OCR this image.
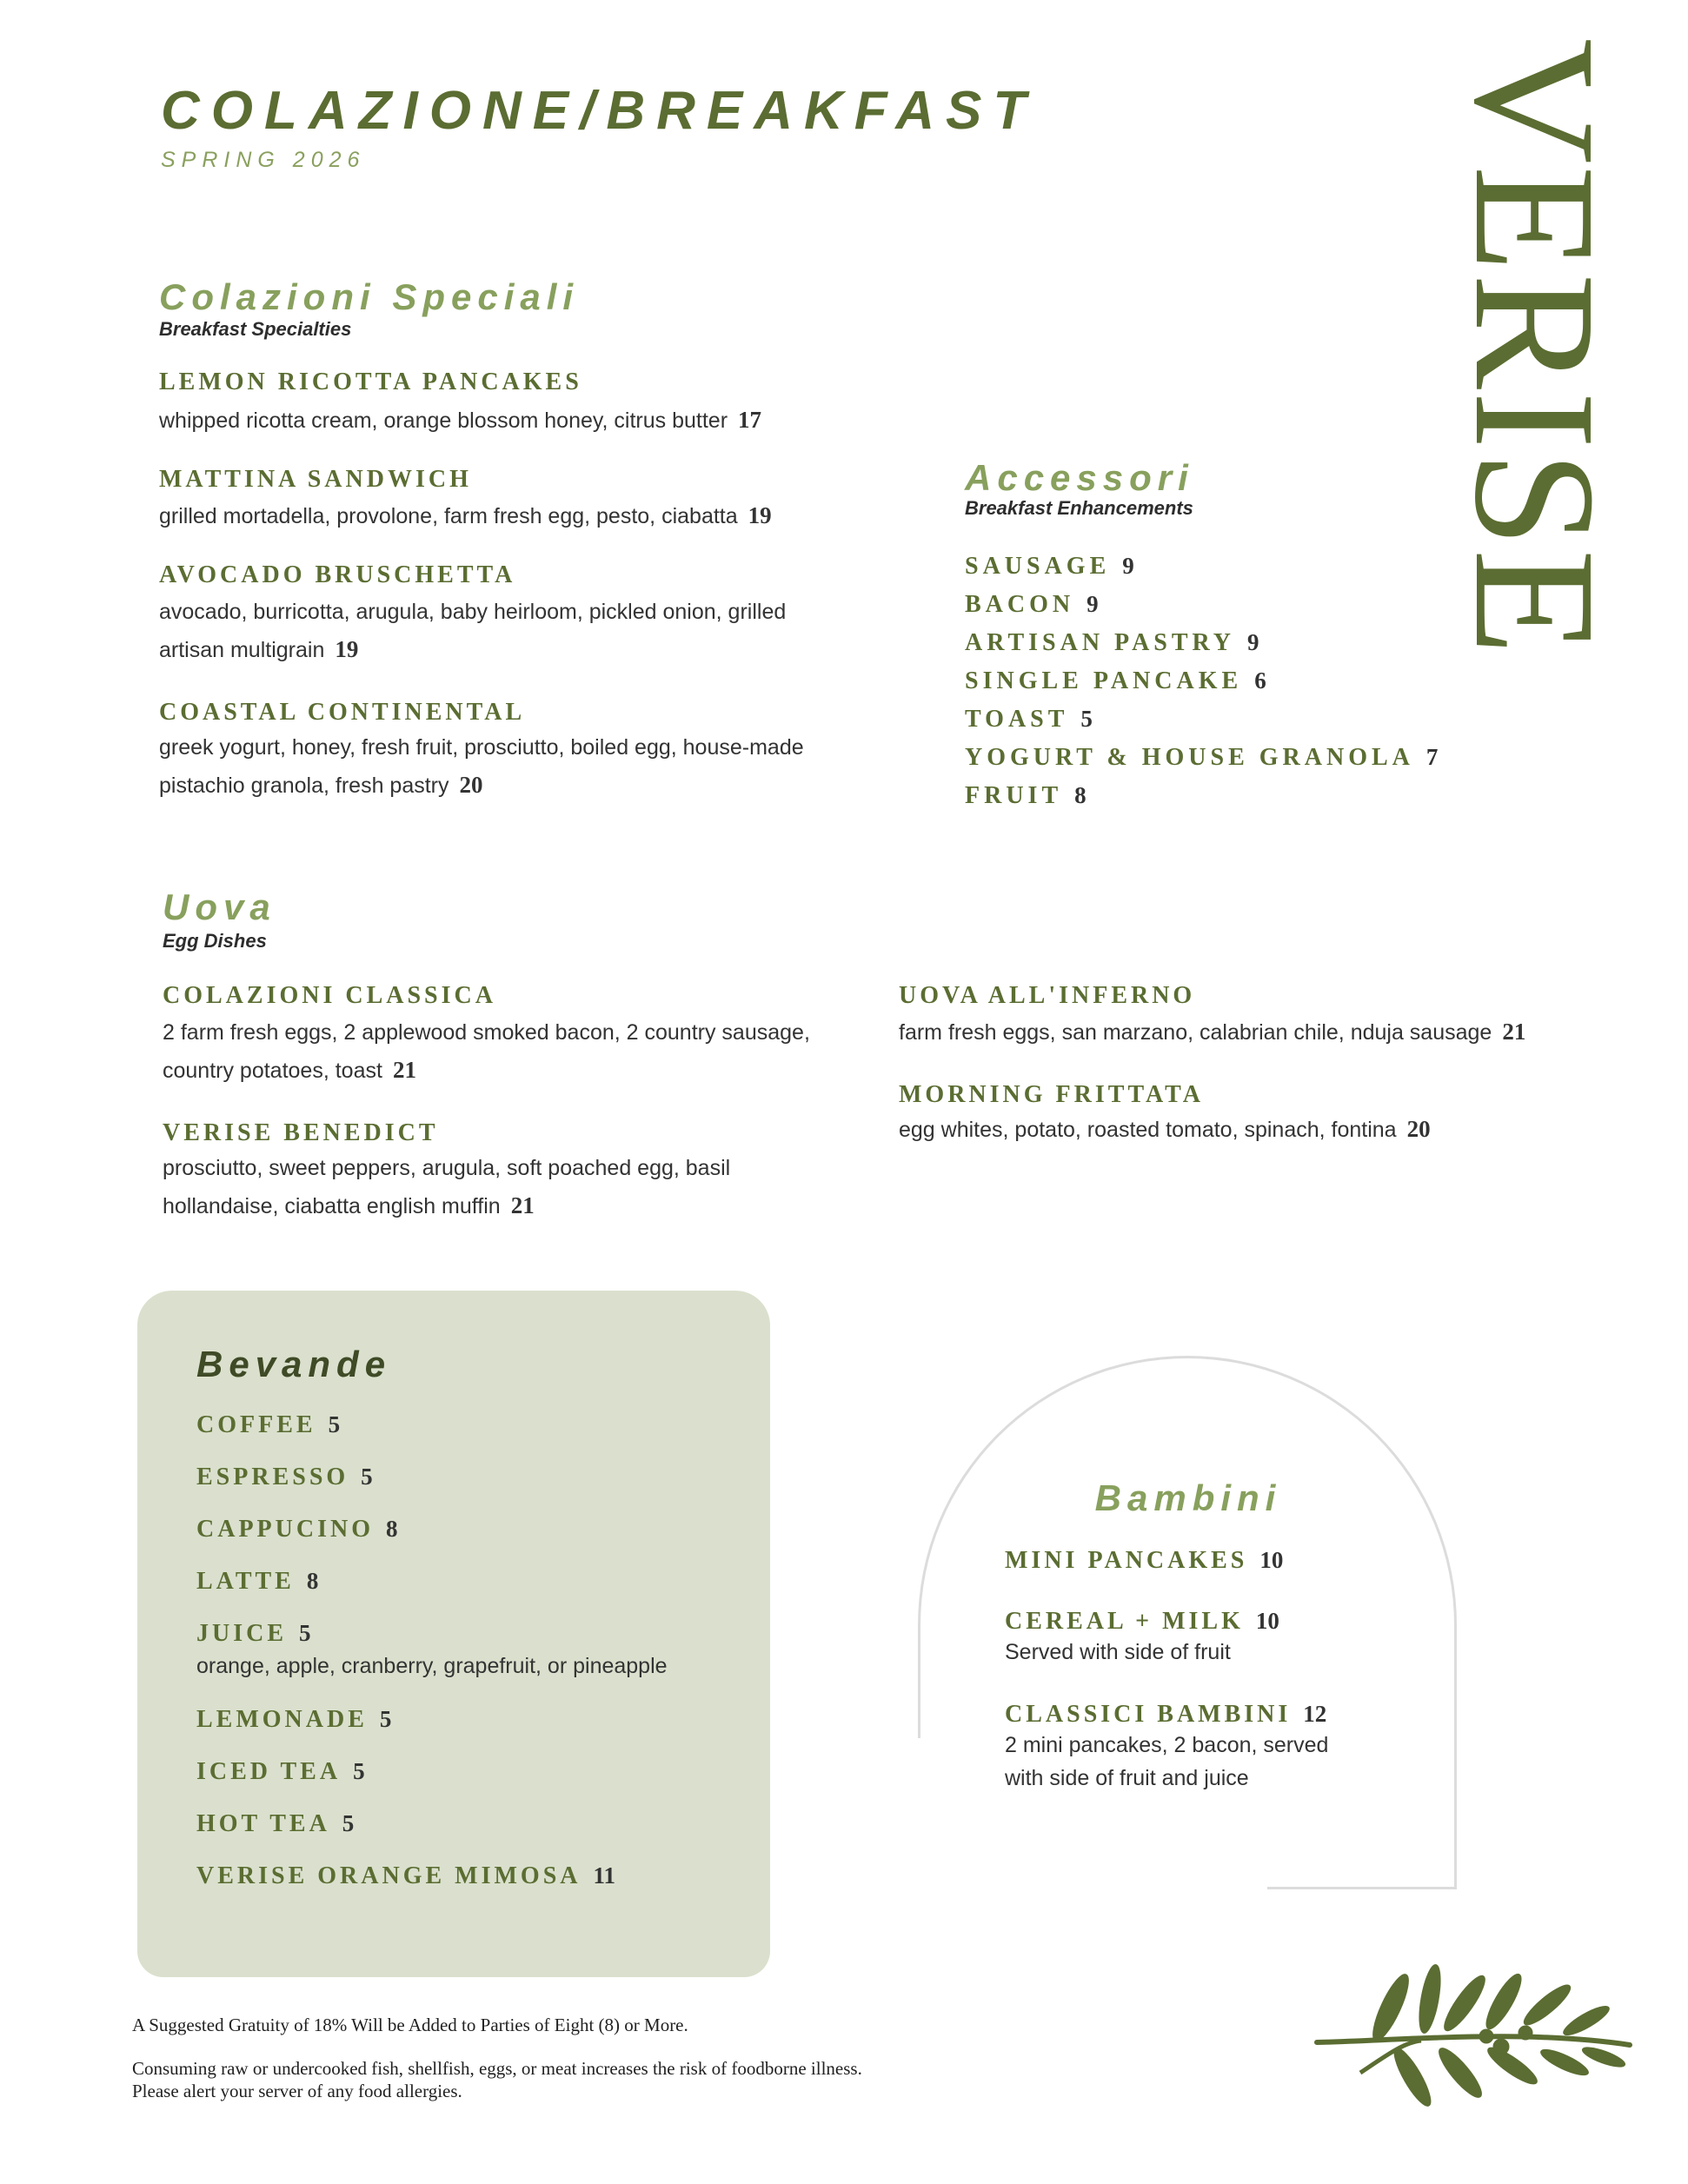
COLAZIONE/BREAKFAST
SPRING 2026	VERISE
Colazioni Speciali
Breakfast Specialties
LEMON RICOTTA PANCAKES
whipped ricotta cream, orange blossom honey, citrus butter 17
MATTINA SANDWICH
grilled mortadella, provolone, farm fresh egg, pesto, ciabatta 19
AVOCADO BRUSCHETTA
avocado, burricotta, arugula, baby heirloom, pickled onion, grilled artisan multigrain 19
COASTAL CONTINENTAL
greek yogurt, honey, fresh fruit, prosciutto, boiled egg, house-made pistachio granola, fresh pastry 20
Accessori
Breakfast Enhancements
SAUSAGE 9
BACON 9
ARTISAN PASTRY 9
SINGLE PANCAKE 6
TOAST 5
YOGURT & HOUSE GRANOLA 7
FRUIT 8
Uova
Egg Dishes
COLAZIONI CLASSICA
2 farm fresh eggs, 2 applewood smoked bacon, 2 country sausage, country potatoes, toast 21
VERISE BENEDICT
prosciutto, sweet peppers, arugula, soft poached egg, basil hollandaise, ciabatta english muffin 21
UOVA ALL'INFERNO
farm fresh eggs, san marzano, calabrian chile, nduja sausage 21
MORNING FRITTATA
egg whites, potato, roasted tomato, spinach, fontina 20
Bevande
COFFEE 5
ESPRESSO 5
CAPPUCINO 8
LATTE 8
JUICE 5
orange, apple, cranberry, grapefruit, or pineapple
LEMONADE 5
ICED TEA 5
HOT TEA 5
VERISE ORANGE MIMOSA 11
Bambini
MINI PANCAKES 10
CEREAL + MILK 10
Served with side of fruit
CLASSICI BAMBINI 12
2 mini pancakes, 2 bacon, served
with side of fruit and juice
A Suggested Gratuity of 18% Will be Added to Parties of Eight (8) or More.
Consuming raw or undercooked fish, shellfish, eggs, or meat increases the risk of foodborne illness.
Please alert your server of any food allergies.
